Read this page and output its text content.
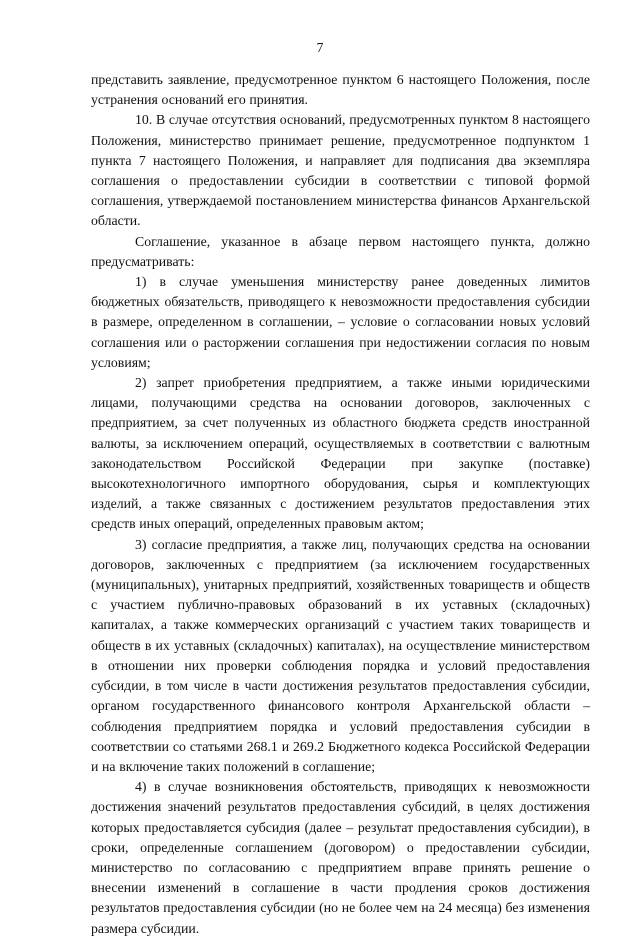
7

представить заявление, предусмотренное пунктом 6 настоящего Положения, после устранения оснований его принятия.

10. В случае отсутствия оснований, предусмотренных пунктом 8 настоящего Положения, министерство принимает решение, предусмотренное подпунктом 1 пункта 7 настоящего Положения, и направляет для подписания два экземпляра соглашения о предоставлении субсидии в соответствии с типовой формой соглашения, утверждаемой постановлением министерства финансов Архангельской области.

Соглашение, указанное в абзаце первом настоящего пункта, должно предусматривать:

1) в случае уменьшения министерству ранее доведенных лимитов бюджетных обязательств, приводящего к невозможности предоставления субсидии в размере, определенном в соглашении, – условие о согласовании новых условий соглашения или о расторжении соглашения при недостижении согласия по новым условиям;

2) запрет приобретения предприятием, а также иными юридическими лицами, получающими средства на основании договоров, заключенных с предприятием, за счет полученных из областного бюджета средств иностранной валюты, за исключением операций, осуществляемых в соответствии с валютным законодательством Российской Федерации при закупке (поставке) высокотехнологичного импортного оборудования, сырья и комплектующих изделий, а также связанных с достижением результатов предоставления этих средств иных операций, определенных правовым актом;

3) согласие предприятия, а также лиц, получающих средства на основании договоров, заключенных с предприятием (за исключением государственных (муниципальных), унитарных предприятий, хозяйственных товариществ и обществ с участием публично-правовых образований в их уставных (складочных) капиталах, а также коммерческих организаций с участием таких товариществ и обществ в их уставных (складочных) капиталах), на осуществление министерством в отношении них проверки соблюдения порядка и условий предоставления субсидии, в том числе в части достижения результатов предоставления субсидии, органом государственного финансового контроля Архангельской области – соблюдения предприятием порядка и условий предоставления субсидии в соответствии со статьями 268.1 и 269.2 Бюджетного кодекса Российской Федерации и на включение таких положений в соглашение;

4) в случае возникновения обстоятельств, приводящих к невозможности достижения значений результатов предоставления субсидий, в целях достижения которых предоставляется субсидия (далее – результат предоставления субсидии), в сроки, определенные соглашением (договором) о предоставлении субсидии, министерство по согласованию с предприятием вправе принять решение о внесении изменений в соглашение в части продления сроков достижения результатов предоставления субсидии (но не более чем на 24 месяца) без изменения размера субсидии.
